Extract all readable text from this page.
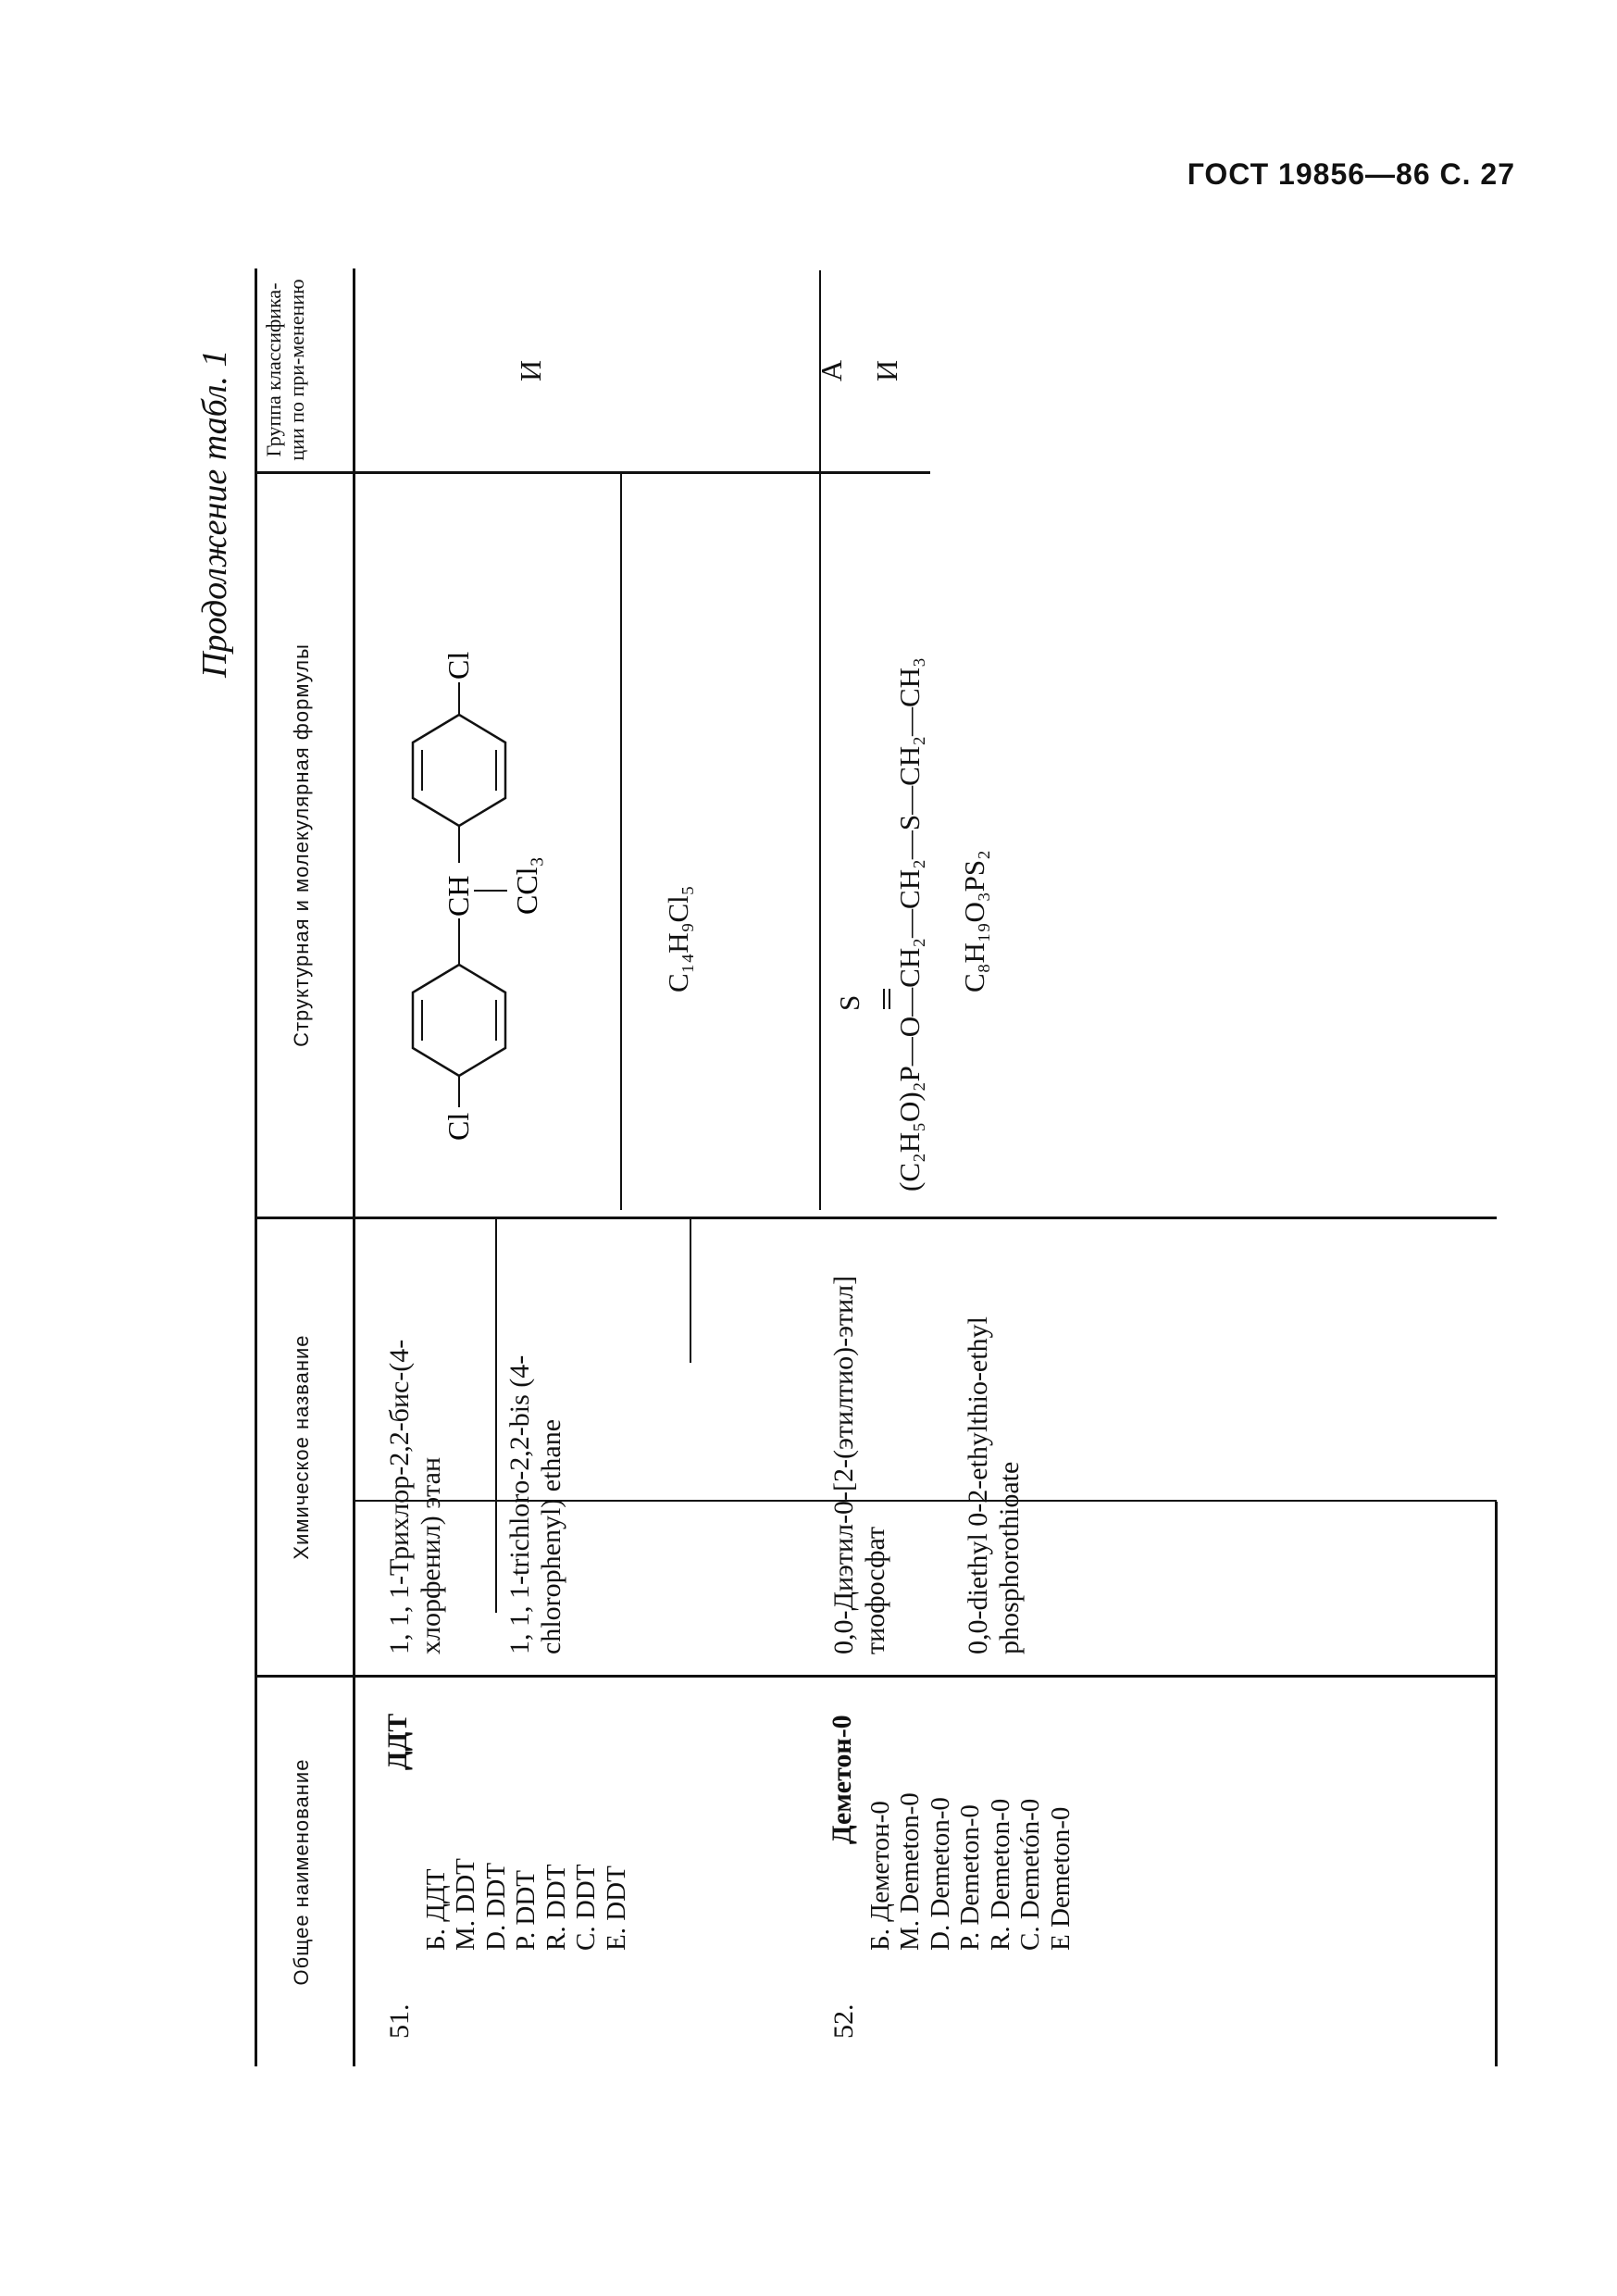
ГОСТ 19856—86 С. 27
Продолжение табл. 1
Общее наименование
Химическое название
Структурная и молекулярная формулы
Группа классифика-ции по при-менению
51.
ДДТ
Б. ДДТ
М. DDT
D. DDT
P. DDT
R. DDT
C. DDT
E. DDT
1, 1, 1-Трихлор-2,2-бис-(4-хлорфенил) этан 1, 1, 1-trichloro-2,2-bis (4-chlorophenyl) ethane
Cl
CH CCl₃
Cl
C₁₄H₉Cl₅
И
52.
Деметон-0
Б. Деметон-0
М. Demeton-0
D. Demeton-0
P. Demeton-0
R. Demeton-0
C. Demetón-0
E Demeton-0
0,0-Диэтил-0-[2-(этилтио)-этил] тиофосфат	0,0-diethyl 0-2-ethylthio-ethyl phosphorothioate
S (C₂H₅O)₂P—O—CH₂—CH₂—S—CH₂—CH₃ C₈H₁₉O₃PS₂
А И
